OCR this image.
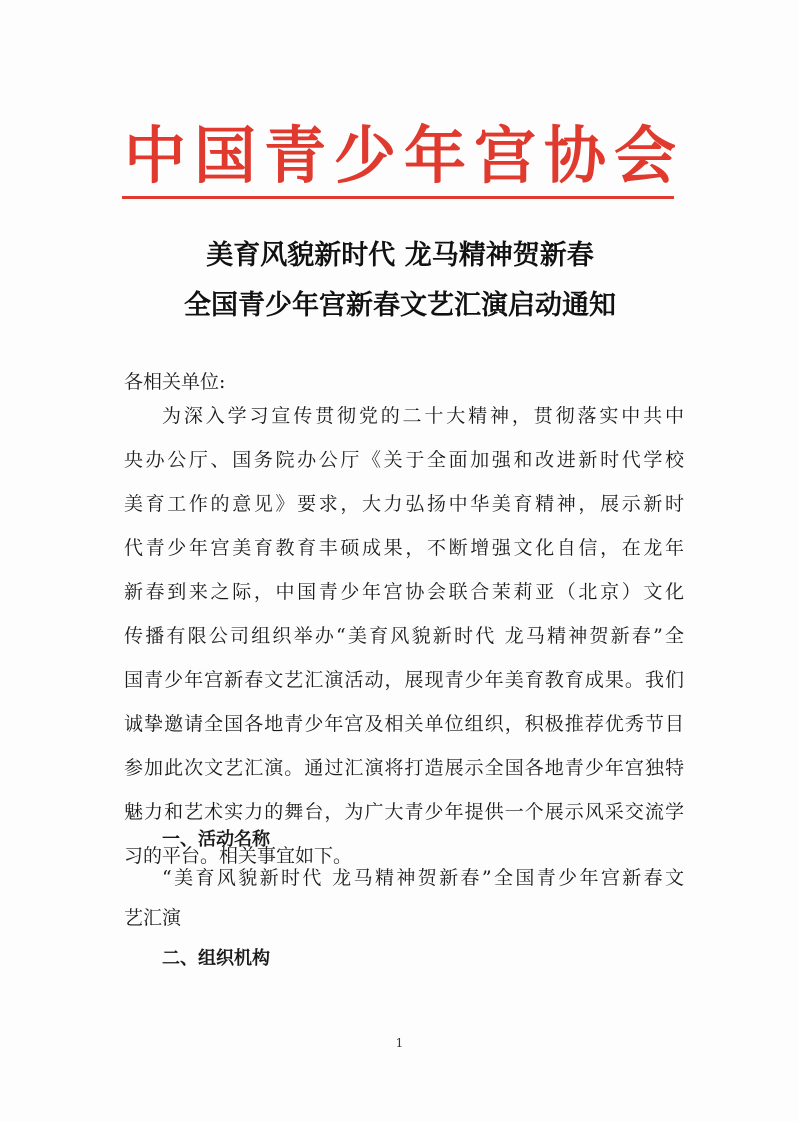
中国青少年宫协会
美育风貌新时代 龙马精神贺新春
全国青少年宫新春文艺汇演启动通知
各相关单位:
为深入学习宣传贯彻党的二十大精神，贯彻落实中共中
央办公厅、国务院办公厅《关于全面加强和改进新时代学校
美育工作的意见》要求，大力弘扬中华美育精神，展示新时
代青少年宫美育教育丰硕成果，不断增强文化自信，在龙年
新春到来之际，中国青少年宫协会联合茉莉亚（北京）文化
传播有限公司组织举办“美育风貌新时代 龙马精神贺新春”全
国青少年宫新春文艺汇演活动，展现青少年美育教育成果。我们
诚挚邀请全国各地青少年宫及相关单位组织，积极推荐优秀节目
参加此次文艺汇演。通过汇演将打造展示全国各地青少年宫独特
魅力和艺术实力的舞台，为广大青少年提供一个展示风采交流学
习的平台。相关事宜如下。
一、活动名称
“美育风貌新时代 龙马精神贺新春”全国青少年宫新春文
艺汇演
二、组织机构
1
